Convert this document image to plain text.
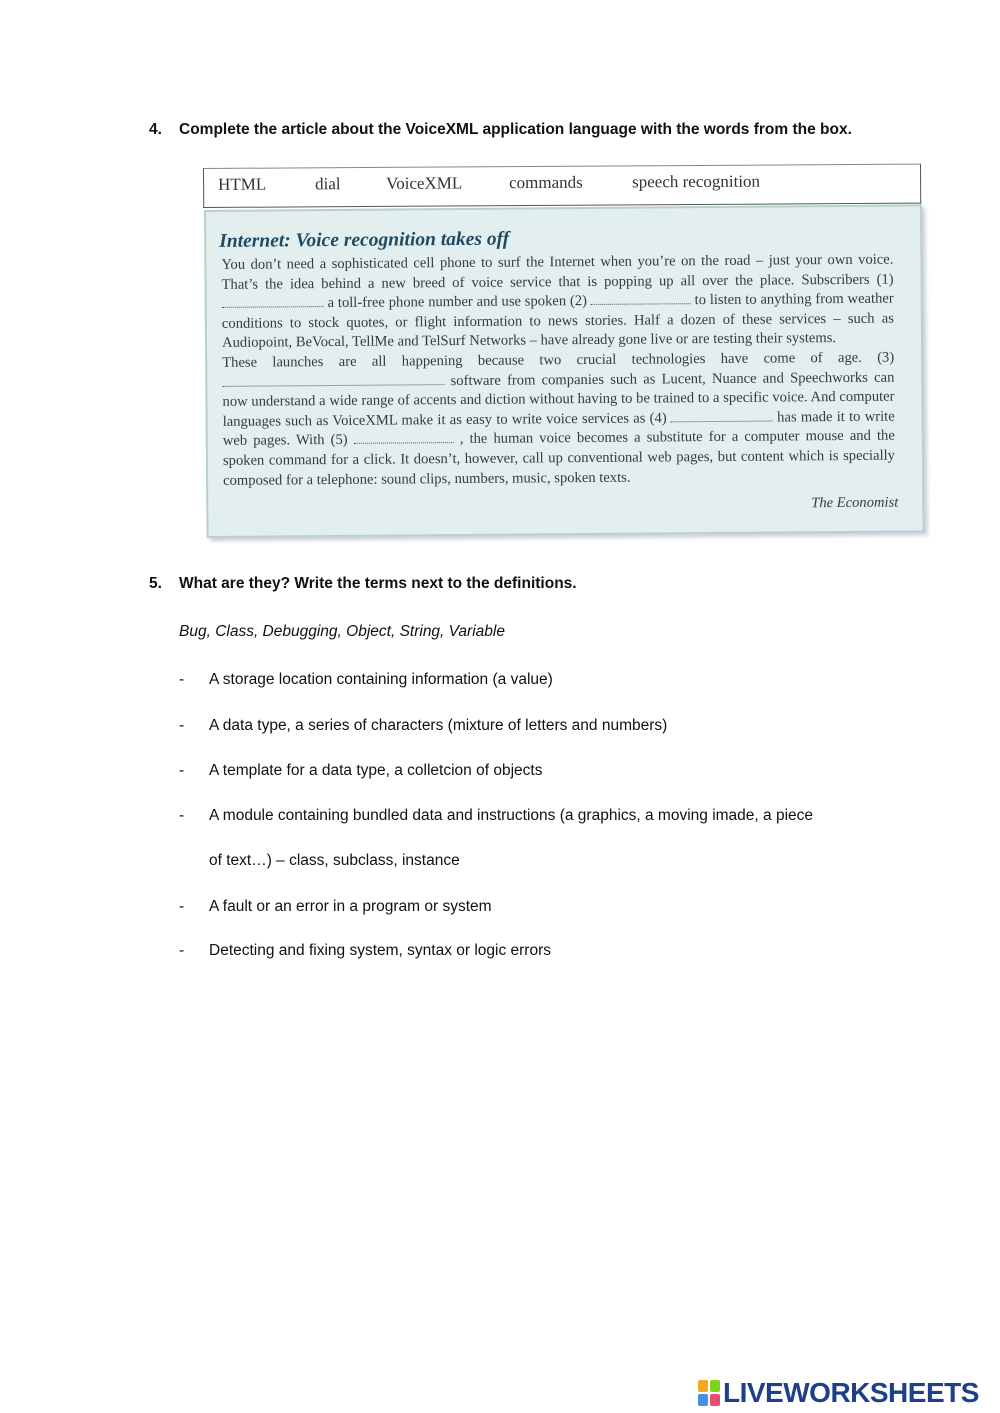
4. Complete the article about the VoiceXML application language with the words from the box.
HTML	dial	VoiceXML	commands	speech recognition
Internet: Voice recognition takes off

You don’t need a sophisticated cell phone to surf the Internet when you’re on the road – just your own voice. That’s the idea behind a new breed of voice service that is popping up all over the place. Subscribers (1)  a toll-free phone number and use spoken (2)	to listen to anything from weather conditions to stock quotes, or flight information to news stories. Half a dozen of these services – such as Audiopoint, BeVocal, TellMe and TelSurf Networks – have already gone live or are testing their systems.

These launches are all happening because two crucial technologies have come of age. (3)  software from companies such as Lucent, Nuance and Speechworks can now understand a wide range of accents and diction without having to be trained to a specific voice. And computer languages such as VoiceXML make it as easy to write voice services as (4)	has made it to write web pages. With (5)	, the human voice becomes a substitute for a computer mouse and the spoken command for a click. It doesn’t, however, call up conventional web pages, but content which is specially composed for a telephone: sound clips, numbers, music, spoken texts.

The Economist
5. What are they? Write the terms next to the definitions.
Bug, Class, Debugging, Object, String, Variable
- A storage location containing information (a value)
- A data type, a series of characters (mixture of letters and numbers)
- A template for a data type, a colletcion of objects
- A module containing bundled data and instructions (a graphics, a moving imade, a piece
of text…) – class, subclass, instance
- A fault or an error in a program or system
- Detecting and fixing system, syntax or logic errors
LIVEWORKSHEETS
